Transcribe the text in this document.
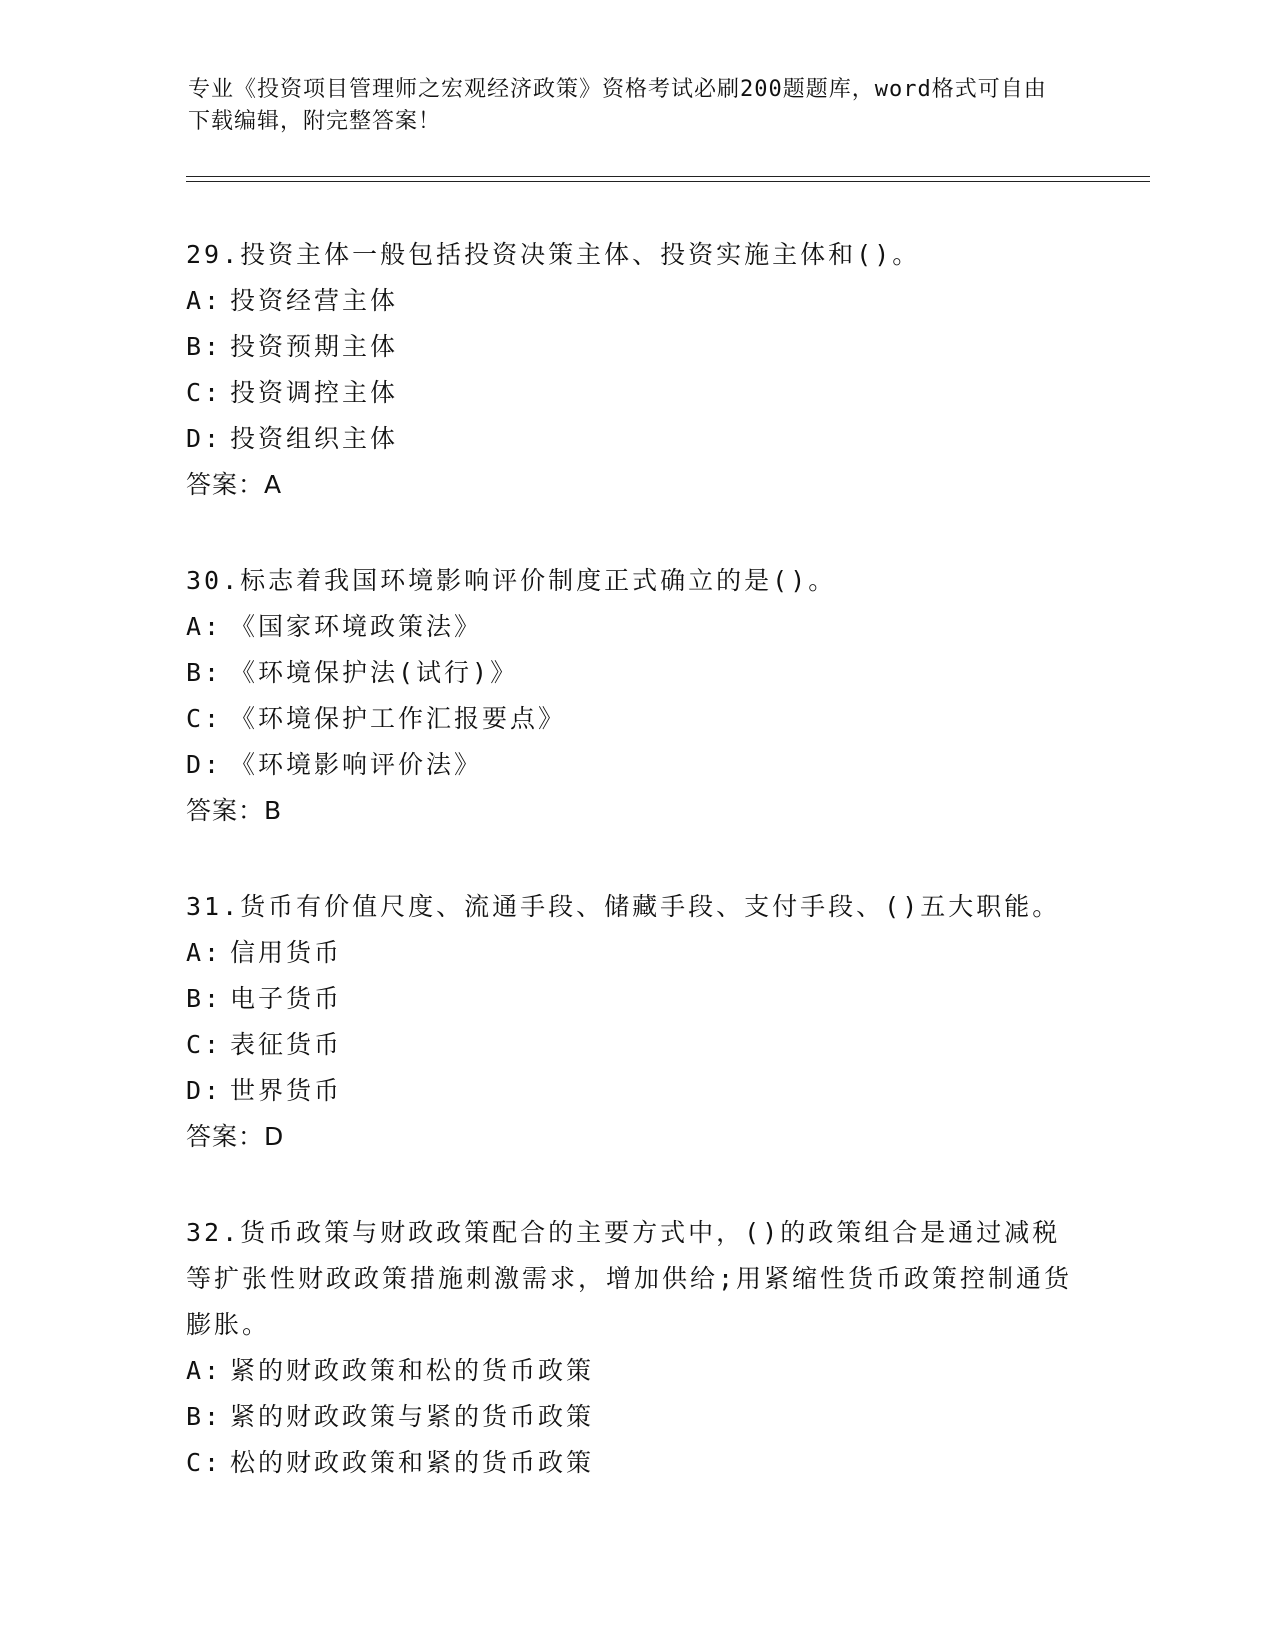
专业《投资项目管理师之宏观经济政策》资格考试必刷200题题库，word格式可自由下载编辑，附完整答案！
29.投资主体一般包括投资决策主体、投资实施主体和()。
A: 投资经营主体
B: 投资预期主体
C: 投资调控主体
D: 投资组织主体
答案：A
30.标志着我国环境影响评价制度正式确立的是()。
A: 《国家环境政策法》
B: 《环境保护法(试行)》
C: 《环境保护工作汇报要点》
D: 《环境影响评价法》
答案：B
31.货币有价值尺度、流通手段、储藏手段、支付手段、()五大职能。
A: 信用货币
B: 电子货币
C: 表征货币
D: 世界货币
答案：D
32.货币政策与财政政策配合的主要方式中，()的政策组合是通过减税等扩张性财政政策措施刺激需求，增加供给;用紧缩性货币政策控制通货膨胀。
A: 紧的财政政策和松的货币政策
B: 紧的财政政策与紧的货币政策
C: 松的财政政策和紧的货币政策
